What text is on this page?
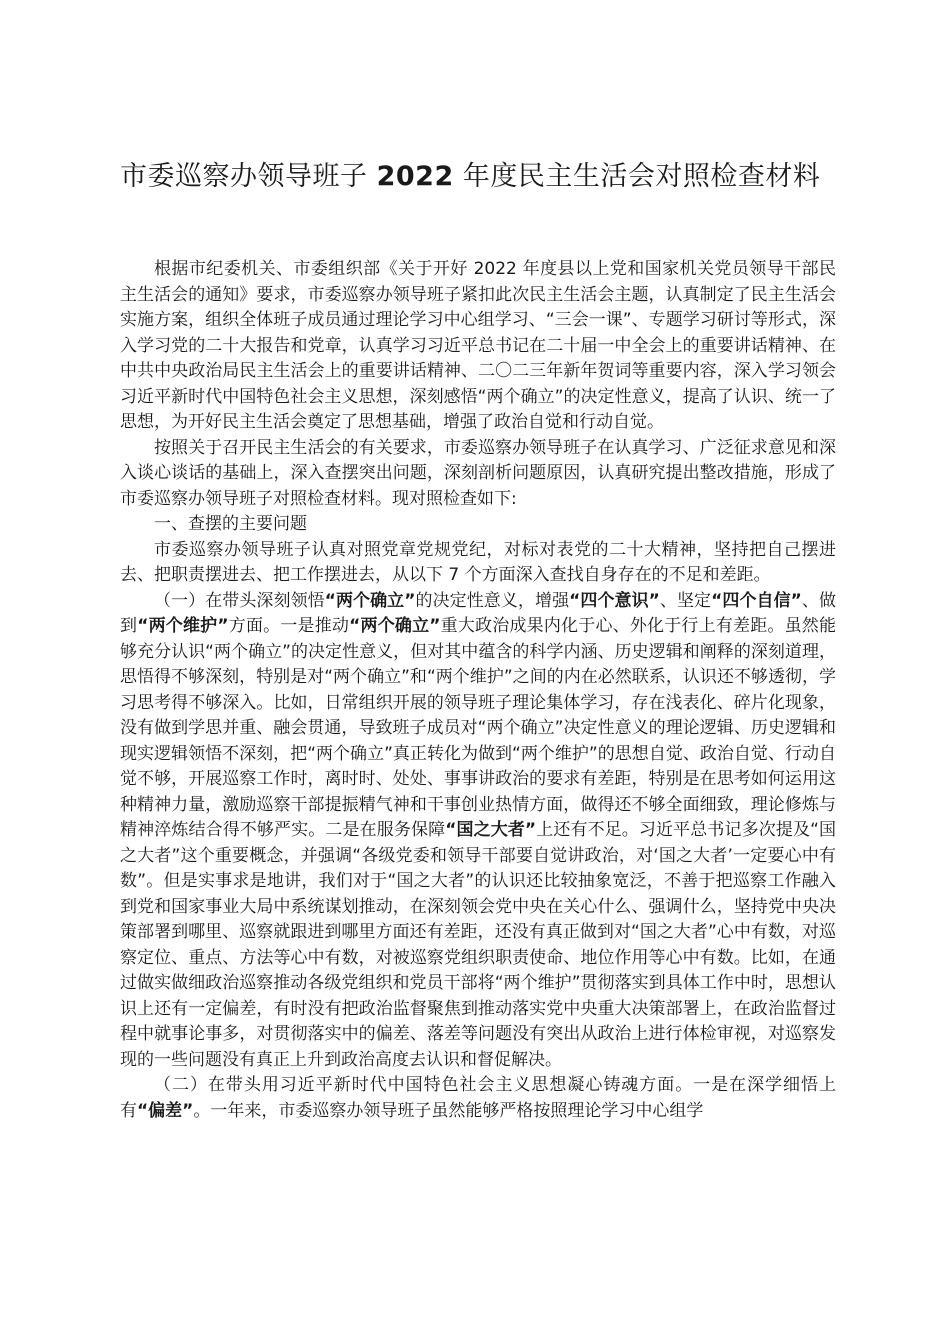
市委巡察办领导班子 2022 年度民主生活会对照检查材料

根据市纪委机关、市委组织部《关于开好 2022 年度县以上党和国家机关党员领导干部民主生活会的通知》要求，市委巡察办领导班子紧扣此次民主生活会主题，认真制定了民主生活会实施方案，组织全体班子成员通过理论学习中心组学习、“三会一课”、专题学习研讨等形式，深入学习党的二十大报告和党章，认真学习习近平总书记在二十届一中全会上的重要讲话精神、在中共中央政治局民主生活会上的重要讲话精神、二〇二三年新年贺词等重要内容，深入学习领会习近平新时代中国特色社会主义思想，深刻感悟“两个确立”的决定性意义，提高了认识、统一了思想，为开好民主生活会奠定了思想基础，增强了政治自觉和行动自觉。

按照关于召开民主生活会的有关要求，市委巡察办领导班子在认真学习、广泛征求意见和深入谈心谈话的基础上，深入查摆突出问题，深刻剖析问题原因，认真研究提出整改措施，形成了市委巡察办领导班子对照检查材料。现对照检查如下:

一、查摆的主要问题

市委巡察办领导班子认真对照党章党规党纪，对标对表党的二十大精神，坚持把自己摆进去、把职责摆进去、把工作摆进去，从以下 7 个方面深入查找自身存在的不足和差距。

（一）在带头深刻领悟“两个确立”的决定性意义，增强“四个意识”、坚定“四个自信”、做到“两个维护”方面。一是推动“两个确立”重大政治成果内化于心、外化于行上有差距。虽然能够充分认识“两个确立”的决定性意义，但对其中蕴含的科学内涵、历史逻辑和阐释的深刻道理，思悟得不够深刻，特别是对“两个确立”和“两个维护”之间的内在必然联系，认识还不够透彻，学习思考得不够深入。比如，日常组织开展的领导班子理论集体学习，存在浅表化、碎片化现象，没有做到学思并重、融会贯通，导致班子成员对“两个确立”决定性意义的理论逻辑、历史逻辑和现实逻辑领悟不深刻，把“两个确立”真正转化为做到“两个维护”的思想自觉、政治自觉、行动自觉不够，开展巡察工作时，离时时、处处、事事讲政治的要求有差距，特别是在思考如何运用这种精神力量，激励巡察干部提振精气神和干事创业热情方面，做得还不够全面细致，理论修炼与精神淬炼结合得不够严实。二是在服务保障“国之大者”上还有不足。习近平总书记多次提及“国之大者”这个重要概念，并强调“各级党委和领导干部要自觉讲政治，对‘国之大者’一定要心中有数”。但是实事求是地讲，我们对于“国之大者”的认识还比较抽象宽泛，不善于把巡察工作融入到党和国家事业大局中系统谋划推动，在深刻领会党中央在关心什么、强调什么，坚持党中央决策部署到哪里、巡察就跟进到哪里方面还有差距，还没有真正做到对“国之大者”心中有数，对巡察定位、重点、方法等心中有数，对被巡察党组织职责使命、地位作用等心中有数。比如，在通过做实做细政治巡察推动各级党组织和党员干部将“两个维护”贯彻落实到具体工作中时，思想认识上还有一定偏差，有时没有把政治监督聚焦到推动落实党中央重大决策部署上，在政治监督过程中就事论事多，对贯彻落实中的偏差、落差等问题没有突出从政治上进行体检审视，对巡察发现的一些问题没有真正上升到政治高度去认识和督促解决。

（二）在带头用习近平新时代中国特色社会主义思想凝心铸魂方面。一是在深学细悟上有“偏差”。一年来，市委巡察办领导班子虽然能够严格按照理论学习中心组学
